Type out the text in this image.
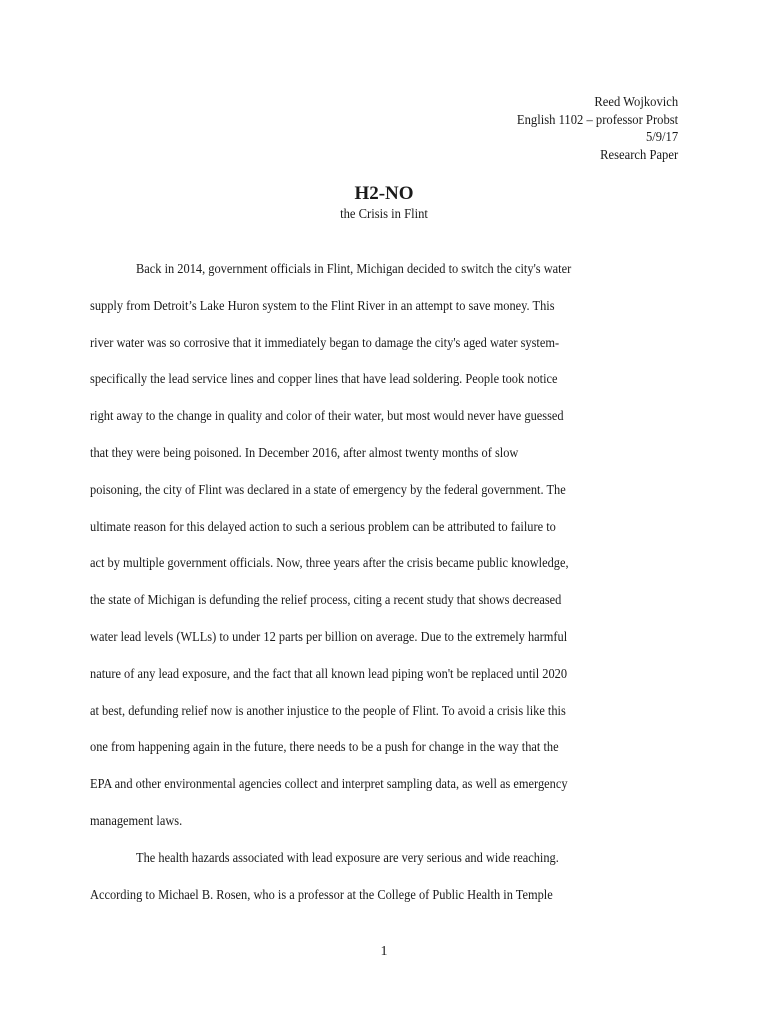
Reed Wojkovich
English 1102 – professor Probst
5/9/17
Research Paper
H2-NO
the Crisis in Flint
Back in 2014, government officials in Flint, Michigan decided to switch the city's water
supply from Detroit’s Lake Huron system to the Flint River in an attempt to save money. This
river water was so corrosive that it immediately began to damage the city's aged water system-
specifically the lead service lines and copper lines that have lead soldering. People took notice
right away to the change in quality and color of their water, but most would never have guessed
that they were being poisoned. In December 2016, after almost twenty months of slow
poisoning, the city of Flint was declared in a state of emergency by the federal government. The
ultimate reason for this delayed action to such a serious problem can be attributed to failure to
act by multiple government officials. Now, three years after the crisis became public knowledge,
the state of Michigan is defunding the relief process, citing a recent study that shows decreased
water lead levels (WLLs) to under 12 parts per billion on average. Due to the extremely harmful
nature of any lead exposure, and the fact that all known lead piping won't be replaced until 2020
at best, defunding relief now is another injustice to the people of Flint. To avoid a crisis like this
one from happening again in the future, there needs to be a push for change in the way that the
EPA and other environmental agencies collect and interpret sampling data, as well as emergency
management laws.
The health hazards associated with lead exposure are very serious and wide reaching.
According to Michael B. Rosen, who is a professor at the College of Public Health in Temple
1
